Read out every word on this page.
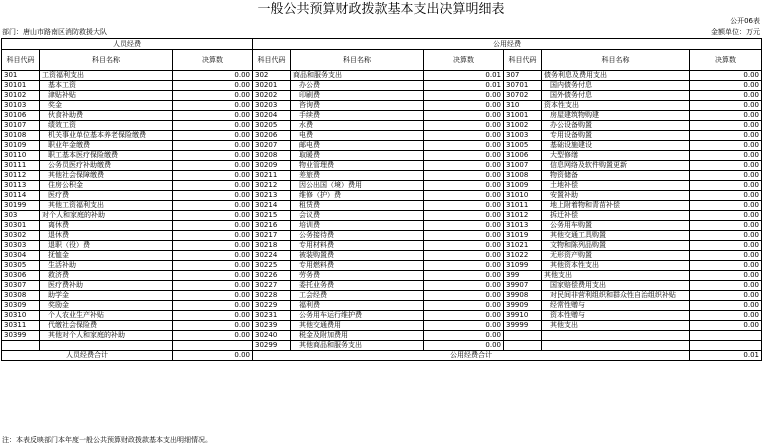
一般公共预算财政拨款基本支出决算明细表
公开06表
部门：唐山市路南区消防救援大队	金额单位：万元
人员经费			公用经费					
科目代码	科目名称	决算数	科目代码	科目名称	决算数	科目代码	科目名称	决算数
301	工资福利支出	0.00	302	商品和服务支出	0.01	307	债务利息及费用支出	0.00
30101	基本工资	0.00	30201	办公费	0.01	30701	国内债务付息	0.00
30102	津贴补贴	0.00	30202	印刷费	0.00	30702	国外债务付息	0.00
30103	奖金	0.00	30203	咨询费	0.00	310	资本性支出	0.00
30106	伙食补助费	0.00	30204	手续费	0.00	31001	房屋建筑物购建	0.00
30107	绩效工资	0.00	30205	水费	0.00	31002	办公设备购置	0.00
30108	机关事业单位基本养老保险缴费	0.00	30206	电费	0.00	31003	专用设备购置	0.00
30109	职业年金缴费	0.00	30207	邮电费	0.00	31005	基础设施建设	0.00
30110	职工基本医疗保险缴费	0.00	30208	取暖费	0.00	31006	大型修缮	0.00
30111	公务员医疗补助缴费	0.00	30209	物业管理费	0.00	31007	信息网络及软件购置更新	0.00
30112	其他社会保障缴费	0.00	30211	差旅费	0.00	31008	物资储备	0.00
30113	住房公积金	0.00	30212	因公出国（境）费用	0.00	31009	土地补偿	0.00
30114	医疗费	0.00	30213	维修（护）费	0.00	31010	安置补助	0.00
30199	其他工资福利支出	0.00	30214	租赁费	0.00	31011	地上附着物和青苗补偿	0.00
303	对个人和家庭的补助	0.00	30215	会议费	0.00	31012	拆迁补偿	0.00
30301	离休费	0.00	30216	培训费	0.00	31013	公务用车购置	0.00
30302	退休费	0.00	30217	公务接待费	0.00	31019	其他交通工具购置	0.00
30303	退职（役）费	0.00	30218	专用材料费	0.00	31021	文物和陈列品购置	0.00
30304	抚恤金	0.00	30224	被装购置费	0.00	31022	无形资产购置	0.00
30305	生活补助	0.00	30225	专用燃料费	0.00	31099	其他资本性支出	0.00
30306	救济费	0.00	30226	劳务费	0.00	399	其他支出	0.00
30307	医疗费补助	0.00	30227	委托业务费	0.00	39907	国家赔偿费用支出	0.00
30308	助学金	0.00	30228	工会经费	0.00	39908	对民间非营利组织和群众性自治组织补贴	0.00
30309	奖励金	0.00	30229	福利费	0.00	39909	经常性赠与	0.00
30310	个人农业生产补贴	0.00	30231	公务用车运行维护费	0.00	39910	资本性赠与	0.00
30311	代缴社会保险费	0.00	30239	其他交通费用	0.00	39999	其他支出	0.00
30399	其他对个人和家庭的补助	0.00	30240	税金及附加费用	0.00			
			30299	其他商品和服务支出	0.00			
人员经费合计		0.00	公用经费合计					0.01
注：本表反映部门本年度一般公共预算财政拨款基本支出明细情况。
